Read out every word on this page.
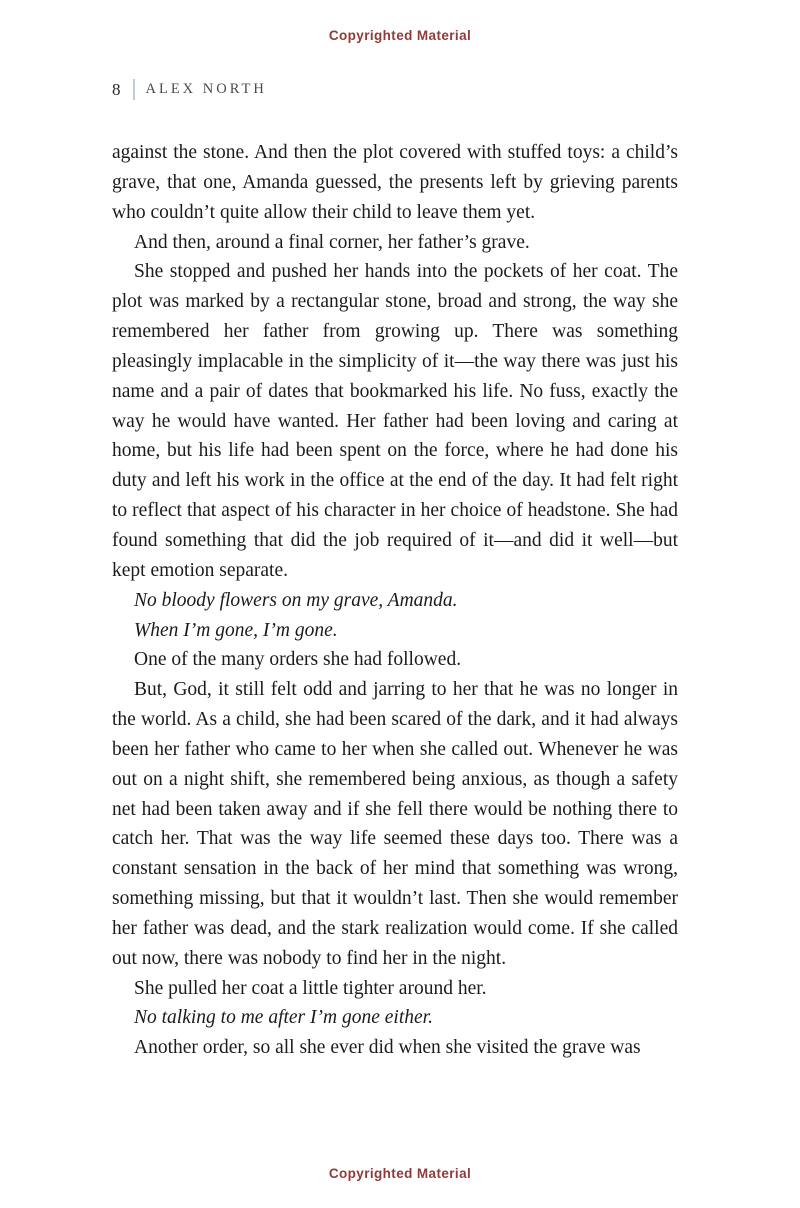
Copyrighted Material
8 ALEX NORTH

against the stone. And then the plot covered with stuffed toys: a child’s grave, that one, Amanda guessed, the presents left by grieving parents who couldn’t quite allow their child to leave them yet.

And then, around a final corner, her father’s grave.

She stopped and pushed her hands into the pockets of her coat. The plot was marked by a rectangular stone, broad and strong, the way she remembered her father from growing up. There was something pleasingly implacable in the simplicity of it—the way there was just his name and a pair of dates that bookmarked his life. No fuss, exactly the way he would have wanted. Her father had been loving and caring at home, but his life had been spent on the force, where he had done his duty and left his work in the office at the end of the day. It had felt right to reflect that aspect of his character in her choice of headstone. She had found something that did the job required of it—and did it well—but kept emotion separate.

No bloody flowers on my grave, Amanda.

When I’m gone, I’m gone.

One of the many orders she had followed.

But, God, it still felt odd and jarring to her that he was no longer in the world. As a child, she had been scared of the dark, and it had always been her father who came to her when she called out. Whenever he was out on a night shift, she remembered being anxious, as though a safety net had been taken away and if she fell there would be nothing there to catch her. That was the way life seemed these days too. There was a constant sensation in the back of her mind that something was wrong, something missing, but that it wouldn’t last. Then she would remember her father was dead, and the stark realization would come. If she called out now, there was nobody to find her in the night.

She pulled her coat a little tighter around her.

No talking to me after I’m gone either.

Another order, so all she ever did when she visited the grave was

Copyrighted Material
